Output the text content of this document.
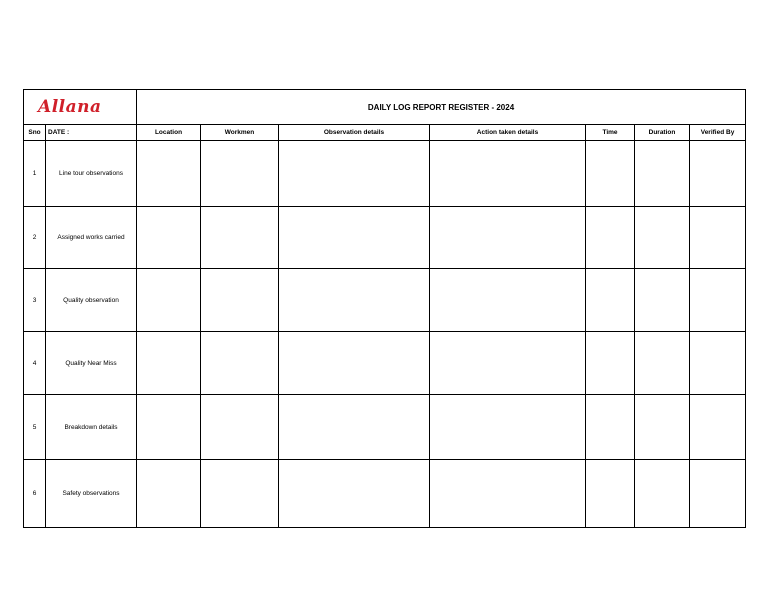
Allana		DAILY LOG REPORT REGISTER - 2024						
Sno	DATE :	Location	Workmen	Observation details	Action taken details	Time	Duration	Verified By
1	Line tour observations							
2	Assigned works carried							
3	Quality observation							
4	Quality Near Miss							
5	Breakdown details							
6	Safety observations							
